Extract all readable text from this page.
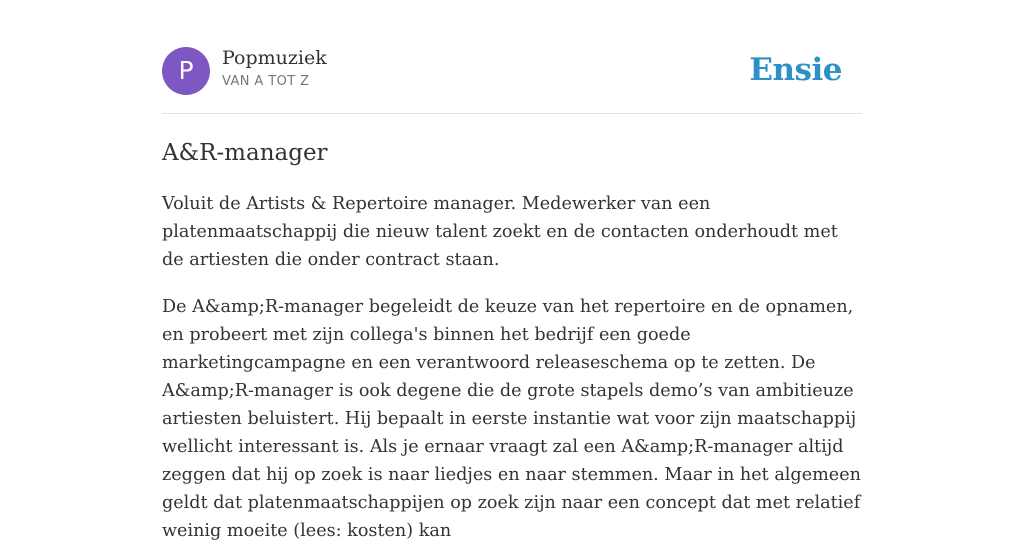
P	Popmuziek
VAN A TOT Z	Ensie
A&R-manager

Voluit de Artists & Repertoire manager. Medewerker van een platenmaatschappij die nieuw talent zoekt en de contacten onderhoudt met de artiesten die onder contract staan.

De A&amp;R-manager begeleidt de keuze van het repertoire en de opnamen, en probeert met zijn collega's binnen het bedrijf een goede marketingcampagne en een verantwoord releaseschema op te zetten. De A&amp;R-manager is ook degene die de grote stapels demo’s van ambitieuze artiesten beluistert. Hij bepaalt in eerste instantie wat voor zijn maatschappij wellicht interessant is. Als je ernaar vraagt zal een A&amp;R-manager altijd zeggen dat hij op zoek is naar liedjes en naar stemmen. Maar in het algemeen geldt dat platenmaatschappijen op zoek zijn naar een concept dat met relatief weinig moeite (lees: kosten) kan
